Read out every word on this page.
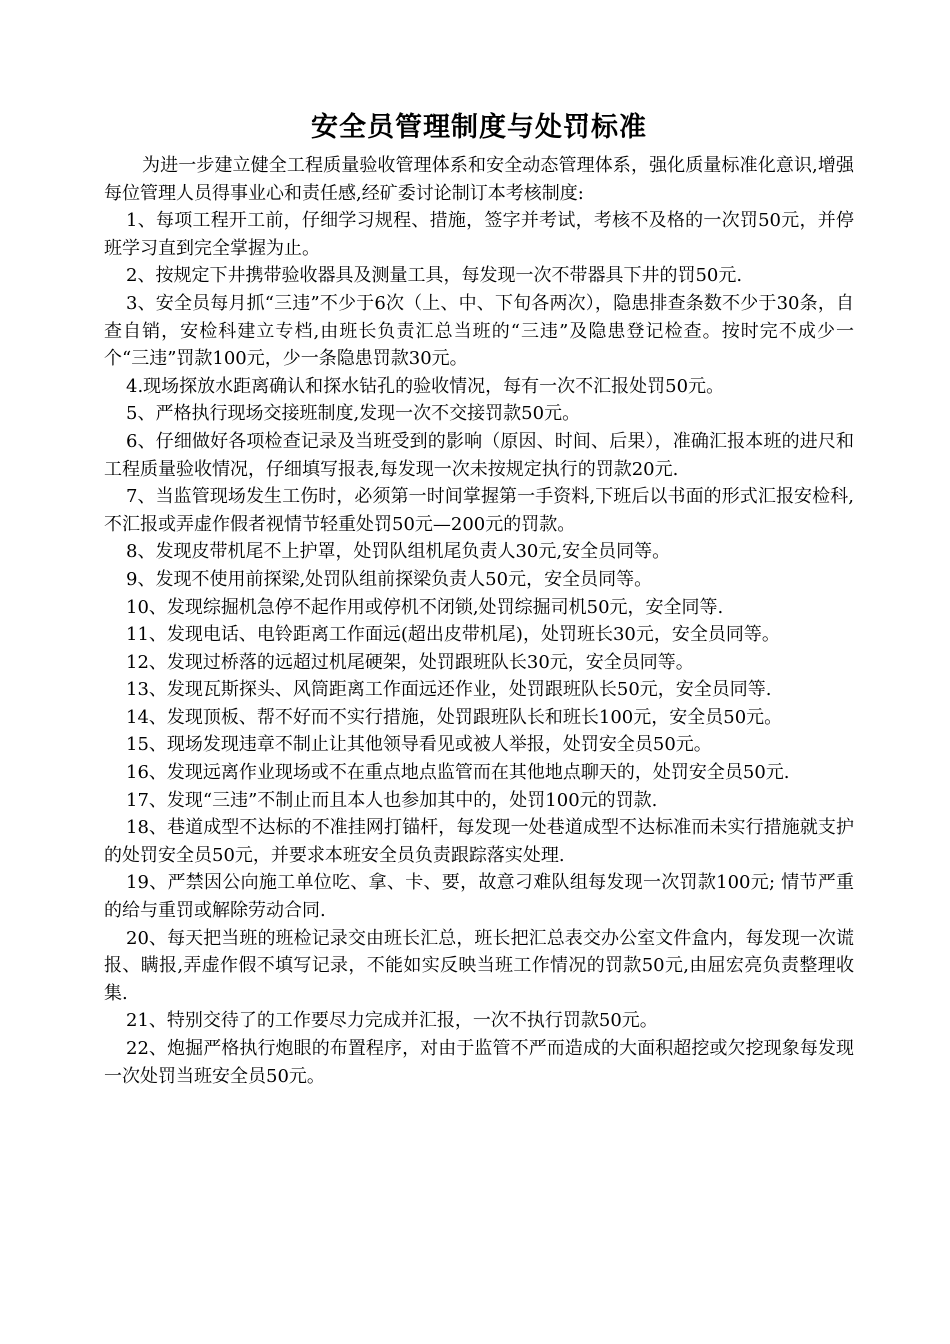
安全员管理制度与处罚标准

为进一步建立健全工程质量验收管理体系和安全动态管理体系，强化质量标准化意识,增强每位管理人员得事业心和责任感,经矿委讨论制订本考核制度:

1、每项工程开工前，仔细学习规程、措施，签字并考试，考核不及格的一次罚50元，并停班学习直到完全掌握为止。

2、按规定下井携带验收器具及测量工具，每发现一次不带器具下井的罚50元.

3、安全员每月抓“三违”不少于6次（上、中、下旬各两次），隐患排查条数不少于30条，自查自销，安检科建立专档,由班长负责汇总当班的“三违”及隐患登记检查。按时完不成少一个“三违”罚款100元，少一条隐患罚款30元。

4.现场探放水距离确认和探水钻孔的验收情况，每有一次不汇报处罚50元。

5、严格执行现场交接班制度,发现一次不交接罚款50元。

6、仔细做好各项检查记录及当班受到的影响（原因、时间、后果），准确汇报本班的进尺和工程质量验收情况，仔细填写报表,每发现一次未按规定执行的罚款20元.

7、当监管现场发生工伤时，必须第一时间掌握第一手资料,下班后以书面的形式汇报安检科,不汇报或弄虚作假者视情节轻重处罚50元—200元的罚款。

8、发现皮带机尾不上护罩，处罚队组机尾负责人30元,安全员同等。

9、发现不使用前探梁,处罚队组前探梁负责人50元，安全员同等。

10、发现综掘机急停不起作用或停机不闭锁,处罚综掘司机50元，安全同等.

11、发现电话、电铃距离工作面远(超出皮带机尾)，处罚班长30元，安全员同等。

12、发现过桥落的远超过机尾硬架，处罚跟班队长30元，安全员同等。

13、发现瓦斯探头、风筒距离工作面远还作业，处罚跟班队长50元，安全员同等.

14、发现顶板、帮不好而不实行措施，处罚跟班队长和班长100元，安全员50元。

15、现场发现违章不制止让其他领导看见或被人举报，处罚安全员50元。

16、发现远离作业现场或不在重点地点监管而在其他地点聊天的，处罚安全员50元.

17、发现“三违”不制止而且本人也参加其中的，处罚100元的罚款.

18、巷道成型不达标的不准挂网打锚杆，每发现一处巷道成型不达标准而未实行措施就支护的处罚安全员50元，并要求本班安全员负责跟踪落实处理.

19、严禁因公向施工单位吃、拿、卡、要，故意刁难队组每发现一次罚款100元; 情节严重的给与重罚或解除劳动合同.

20、每天把当班的班检记录交由班长汇总，班长把汇总表交办公室文件盒内，每发现一次谎报、瞒报,弄虚作假不填写记录，不能如实反映当班工作情况的罚款50元,由屈宏亮负责整理收集.

21、特别交待了的工作要尽力完成并汇报，一次不执行罚款50元。

22、炮掘严格执行炮眼的布置程序，对由于监管不严而造成的大面积超挖或欠挖现象每发现一次处罚当班安全员50元。
